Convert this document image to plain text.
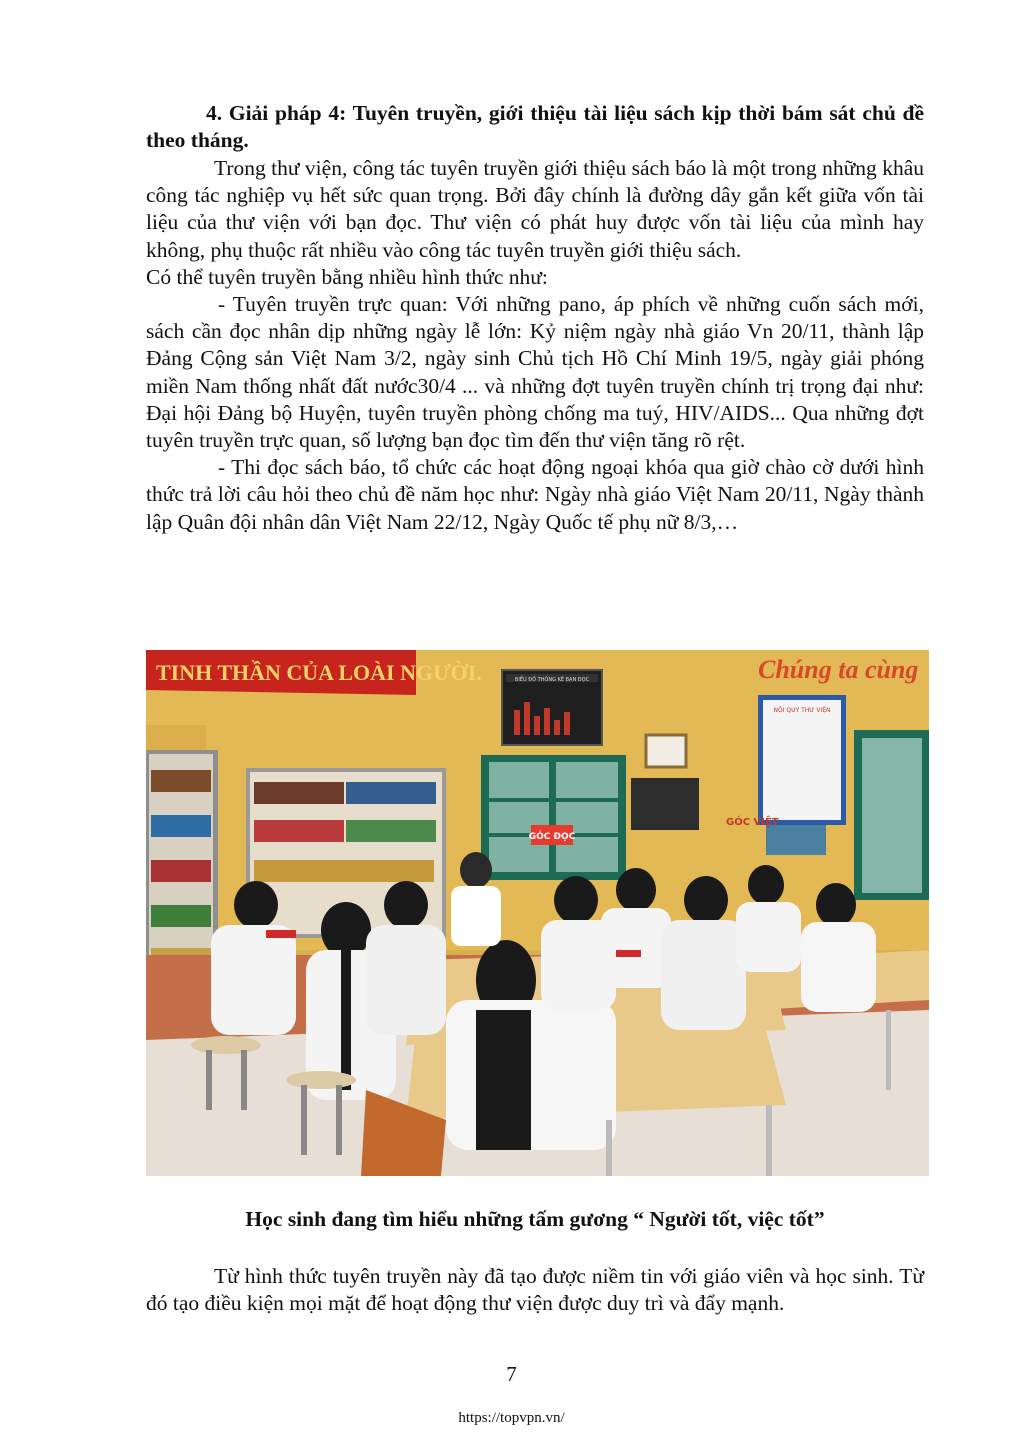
4. Giải pháp 4: Tuyên truyền, giới thiệu tài liệu sách kịp thời bám sát chủ đề theo tháng.

Trong thư viện, công tác tuyên truyền giới thiệu sách báo là một trong những khâu công tác nghiệp vụ hết sức quan trọng. Bởi đây chính là đường dây gắn kết giữa vốn tài liệu của thư viện với bạn đọc. Thư viện có phát huy được vốn tài liệu của mình hay không, phụ thuộc rất nhiều vào công tác tuyên truyền giới thiệu sách.

Có thể tuyên truyền bằng nhiều hình thức như:

- Tuyên truyền trực quan: Với những pano, áp phích về những cuốn sách mới, sách cần đọc nhân dịp những ngày lễ lớn: Kỷ niệm ngày nhà giáo Vn 20/11, thành lập Đảng Cộng sản Việt Nam 3/2, ngày sinh Chủ tịch Hồ Chí Minh 19/5, ngày giải phóng miền Nam thống nhất đất nước30/4 ... và những đợt tuyên truyền chính trị trọng đại như: Đại hội Đảng bộ Huyện, tuyên truyền phòng chống ma tuý, HIV/AIDS... Qua những đợt tuyên truyền trực quan, số lượng bạn đọc tìm đến thư viện tăng rõ rệt.

- Thi đọc sách báo, tổ chức các hoạt động ngoại khóa qua giờ chào cờ dưới hình thức trả lời câu hỏi theo chủ đề năm học như: Ngày nhà giáo Việt Nam 20/11, Ngày thành lập Quân đội nhân dân Việt Nam 22/12, Ngày Quốc tế phụ nữ 8/3,…

TINH THẦN CỦA LOÀI NGƯỜI.	BIỂU ĐỒ THỐNG KÊ BẠN ĐỌC
GÓC ĐỌC
NỘI QUY THƯ VIỆN
Chúng ta cùng
GÓC VIỆT
Học sinh đang tìm hiểu những tấm gương “ Người tốt, việc tốt”

Từ hình thức tuyên truyền này đã tạo được niềm tin với giáo viên và học sinh. Từ đó tạo điều kiện mọi mặt để hoạt động thư viện được duy trì và đẩy mạnh.

7
https://topvpn.vn/
